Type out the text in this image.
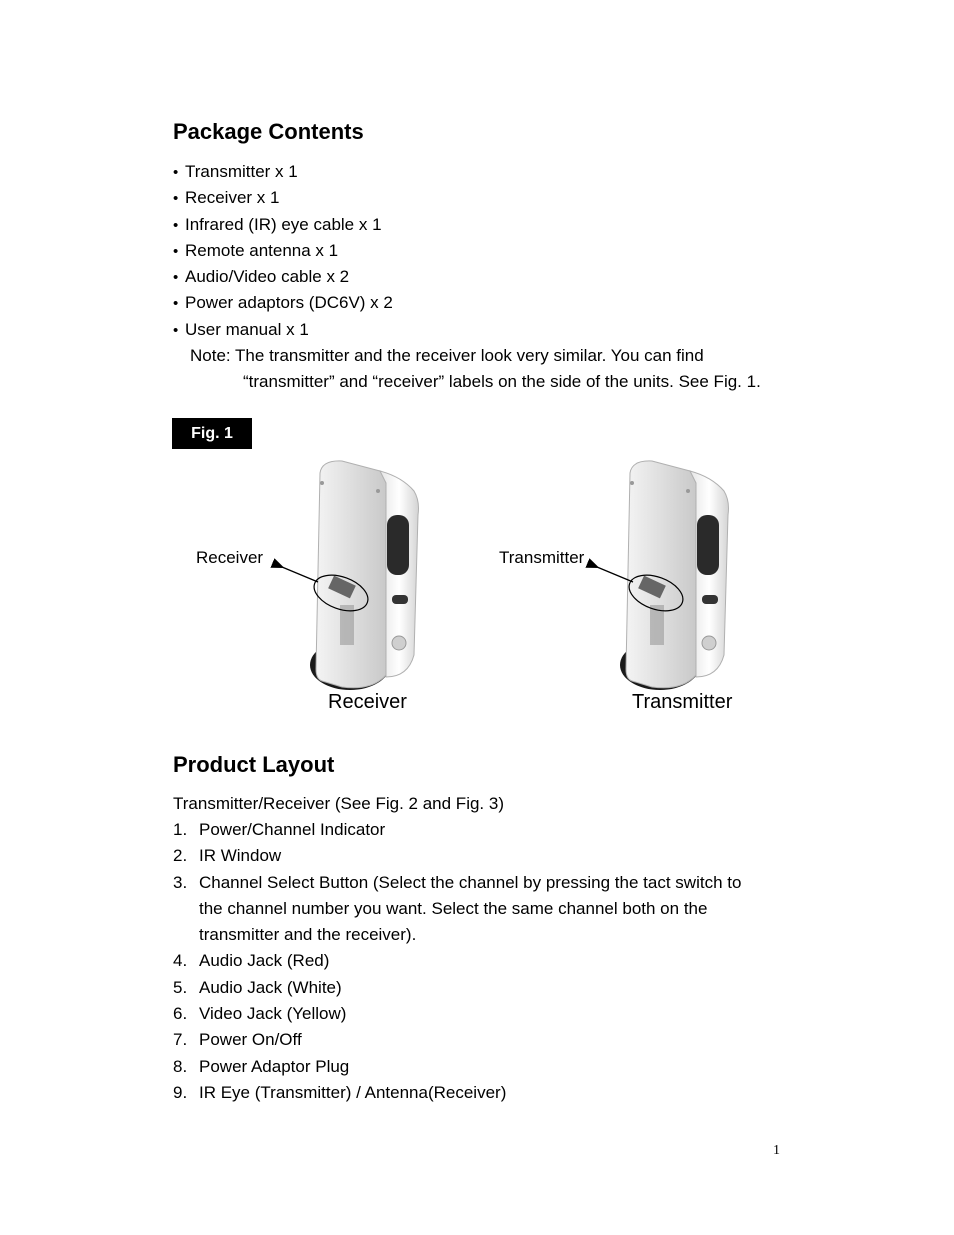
Package Contents
• Transmitter x 1
• Receiver x 1
• Infrared (IR) eye cable x 1
• Remote antenna x 1
• Audio/Video cable x 2
• Power adaptors (DC6V) x 2
• User manual x 1
Note: The transmitter and the receiver look very similar. You can find
“transmitter” and “receiver” labels on the side of the units. See Fig. 1.
Fig. 1
Receiver	Transmitter
Receiver	Transmitter
Product Layout
Transmitter/Receiver (See Fig. 2 and Fig. 3)
1. Power/Channel Indicator
2. IR Window
3. Channel Select Button (Select the channel by pressing the tact switch to the channel number you want. Select the same channel both on the transmitter and the receiver).
4. Audio Jack (Red)
5. Audio Jack (White)
6. Video Jack (Yellow)
7. Power On/Off
8. Power Adaptor Plug
9. IR Eye (Transmitter) / Antenna(Receiver)
1
